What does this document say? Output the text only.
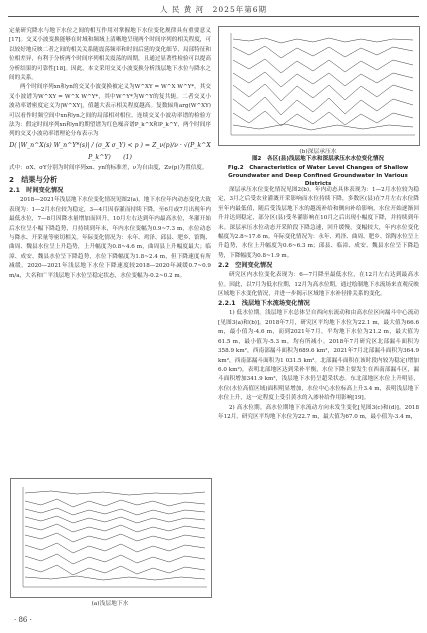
人 民 黄 河　2025年第6期

定量研究降水与地下水位之间的相互作用对掌握地下水位变化规律具有重要意义[17]。交叉小波变换能够在时域和频域上清晰地呈现两个时间序列的相关程度，可以较好地反映二者之间的相关关系随震荡频率和时间后延的变化细节，局部特征和位相差异，有利于分析两个时间序列相关震荡的周期，且通过显著性检验可以提高分析结果的可靠性[18]。因此，本文采用交叉小波变换分析浅层地下水位与降水之间的关系。

两个时间序列xn和yn的交叉小波变换被定义为W^XY = W^X W^Y*，其交叉小波谱为W^XY = W^X W^Y*，其中W^Y*为W^Y的复共轭。二者交叉小波功率谱密度定义为|W^XY|，值越大表示相关程度越高。复数辐角arg(W^XY)可以看作时频空间中xn和yn之间的局部相对相位。连续交叉小波功率谱的检验方法为：假定时间序列xn和yn的期望谱为红色噪音谱P_k^X和P_k^Y，两个时间序列的交叉小波功率谱理论分布表示为

D( |W_n^X(s) W_n^Y*(s)| / (σ_X σ_Y) < p ) = Z_ν(p)/ν · √(P_k^X P_k^Y)　　(1)

式中：σX、σY分别为时间序列xn、yn的标准差，ν为自由度，Zν(p)为置信度。

2　结果与分析
2.1　时间变化情况

2018—2021年浅层地下水位变化情况见图2(a)，地下水位年内动态变化大致表现为：1—2月水位较为稳定，3—4月因春灌而持续下降，至6月或7月出现年内最低水位，7—8月因降水量增加而回升，10月左右达到年内最高水位，冬灌开始后水位呈小幅下降趋势，月持续到年末，年内水位变幅为0.9~7.3 m，水位动态与降水、开采量等密切相关。年际变化情况为：永年、鸡泽、邱县、肥乡、馆陶、曲周、魏县水位呈上升趋势，上升幅度为0.8~4.6 m，曲周县上升幅度最大；临漳、成安、魏县水位呈下降趋势，水位下降幅度为1.8~2.4 m，但下降速度有所减缓。2020—2021年浅层地下水位下降速度较2018—2020年减缓0.7~0.9 m/a，大名和广平浅层地下水位呈稳定状态，水位变幅为-0.2~0.2 m。

(a)浅层地下水
(b)深层承压水
图2　各区(县)浅层地下水和深层承压水水位变化情况
Fig.2　Characteristics of Water Level Changes of Shallow Groundwater and Deep Confined Groundwater in Various Districts

深层承压水位变化情况见图2(b)，年内动态具体表现为：1—2月水位较为稳定，3月之后受农业灌溉开采影响而水位持续下降，多数区(县)在7月左右水位降至年内最低值，随后受浅层地下水的越流补给和侧向补给影响，水位开始逐渐回升并达到稳定，部分区(县)受冬灌影响在10月之后出现小幅度下降，并持续到年末。深层承压水位动态开采阶段下降急速，回升缓慢，变幅较大，年内水位变化幅度为2.8~17.6 m。年际变化情况为：永年、鸡泽、曲周、肥乡、馆陶水位呈上升趋势，水位上升幅度为0.6~6.3 m；邱县、临漳、成安、魏县水位呈下降趋势，下降幅度为0.8~1.9 m。

2.2　空间变化情况

研究区内水位变化表现为：6—7月降至最低水位，在12月左右达到最高水位。因此，以7月为低水位期，12月为高水位期，通过绘制地下水流场来直观反映区域地下水变化情况，并进一步揭示区域地下水补径排关系的变化。

2.2.1　浅层地下水流场变化情况

1) 低水位期。浅层地下水总体呈自西向东流动和由高水位区向漏斗中心流动[见图3(a)和(b)]。2018年7月，研究区平均地下水位为22.1 m，最大值为66.6 m，最小值为-4.6 m，而到2021年7月，平均地下水位为21.2 m，最大值为61.5 m，最小值为-5.3 m，均有所减小。2018年7月研究区北部漏斗面积为358.9 km²，西南部漏斗面积为689.6 km²，2021年7月北部漏斗面积为364.9 km²，西南部漏斗面积为1 031.5 km²。北部漏斗面积在该时段内较为稳定(增加6.0 km²)，表明北部地区达到采补平衡，水位下降主要发生在西南部漏斗区，漏斗面积增加341.9 km²，浅层地下水仍呈超采状态。东北部地区水位上升明显，水位(水位高值区域)面积明显增加，水位中心水位标高上升3.4 m，表明浅层地下水位上升，这一定程度上受引黄水的入渗补给作用影响[19]。

2) 高水位期。高水位期地下水流动方向未发生变化[见图3(c)和(d)]。2018年12月，研究区平均地下水位为22.7 m，最大值为67.0 m，最小值为-3.4 m，

· 86 ·
